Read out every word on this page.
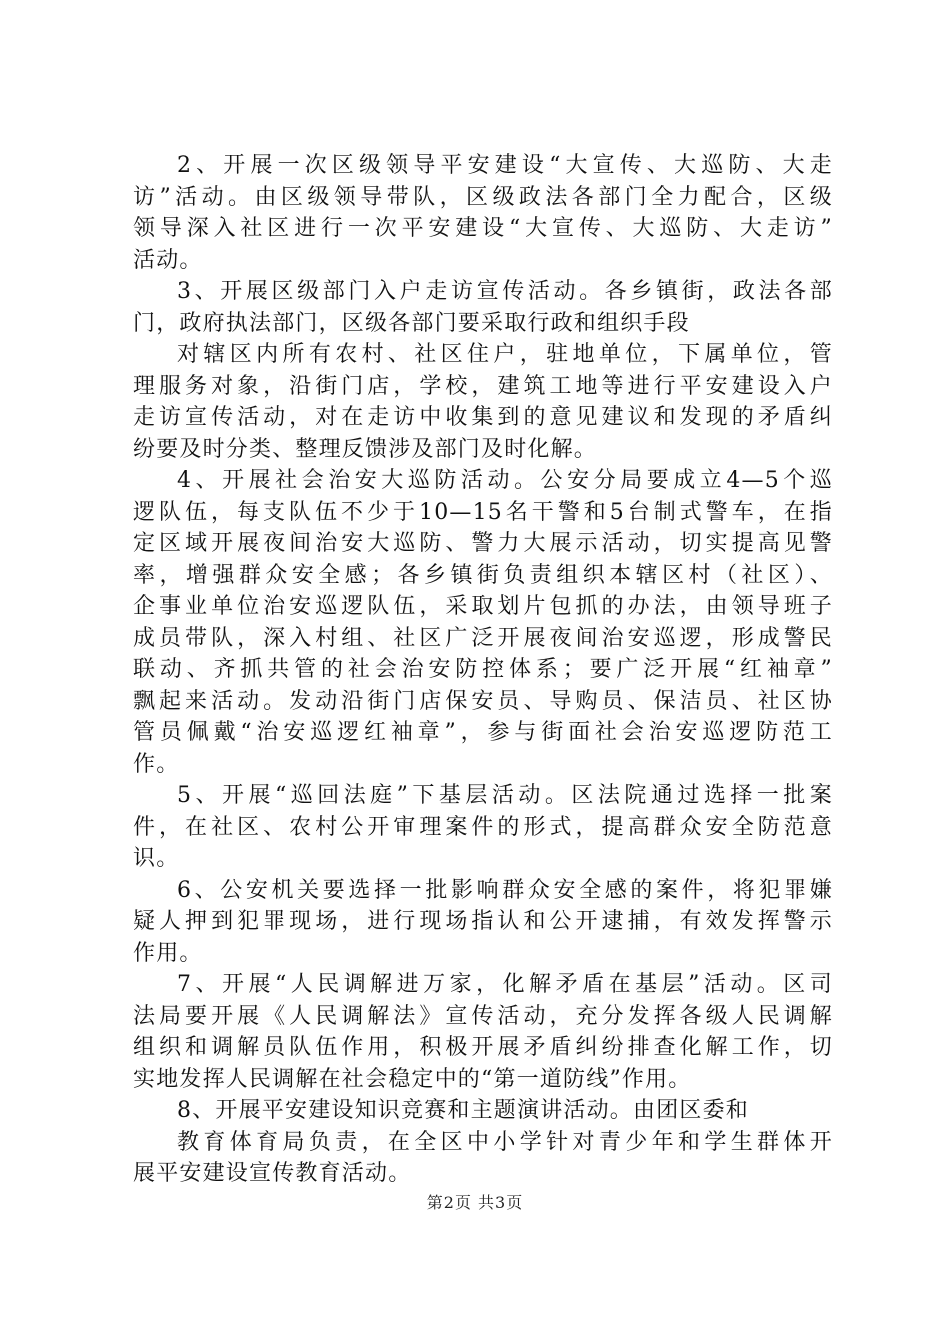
2、开展一次区级领导平安建设“大宣传、大巡防、大走
访”活动。由区级领导带队，区级政法各部门全力配合，区级
领导深入社区进行一次平安建设“大宣传、大巡防、大走访”
活动。
3、开展区级部门入户走访宣传活动。各乡镇街，政法各部
门，政府执法部门，区级各部门要采取行政和组织手段
对辖区内所有农村、社区住户，驻地单位，下属单位，管
理服务对象，沿街门店，学校，建筑工地等进行平安建设入户
走访宣传活动，对在走访中收集到的意见建议和发现的矛盾纠
纷要及时分类、整理反馈涉及部门及时化解。
4、开展社会治安大巡防活动。公安分局要成立4—5个巡
逻队伍，每支队伍不少于10—15名干警和5台制式警车，在指
定区域开展夜间治安大巡防、警力大展示活动，切实提高见警
率，增强群众安全感；各乡镇街负责组织本辖区村（社区）、
企事业单位治安巡逻队伍，采取划片包抓的办法，由领导班子
成员带队，深入村组、社区广泛开展夜间治安巡逻，形成警民
联动、齐抓共管的社会治安防控体系；要广泛开展“红袖章”
飘起来活动。发动沿街门店保安员、导购员、保洁员、社区协
管员佩戴“治安巡逻红袖章”，参与街面社会治安巡逻防范工
作。
5、开展“巡回法庭”下基层活动。区法院通过选择一批案
件，在社区、农村公开审理案件的形式，提高群众安全防范意
识。
6、公安机关要选择一批影响群众安全感的案件，将犯罪嫌
疑人押到犯罪现场，进行现场指认和公开逮捕，有效发挥警示
作用。
7、开展“人民调解进万家，化解矛盾在基层”活动。区司
法局要开展《人民调解法》宣传活动，充分发挥各级人民调解
组织和调解员队伍作用，积极开展矛盾纠纷排查化解工作，切
实地发挥人民调解在社会稳定中的“第一道防线”作用。
8、开展平安建设知识竞赛和主题演讲活动。由团区委和
教育体育局负责，在全区中小学针对青少年和学生群体开
展平安建设宣传教育活动。
第2页 共3页
